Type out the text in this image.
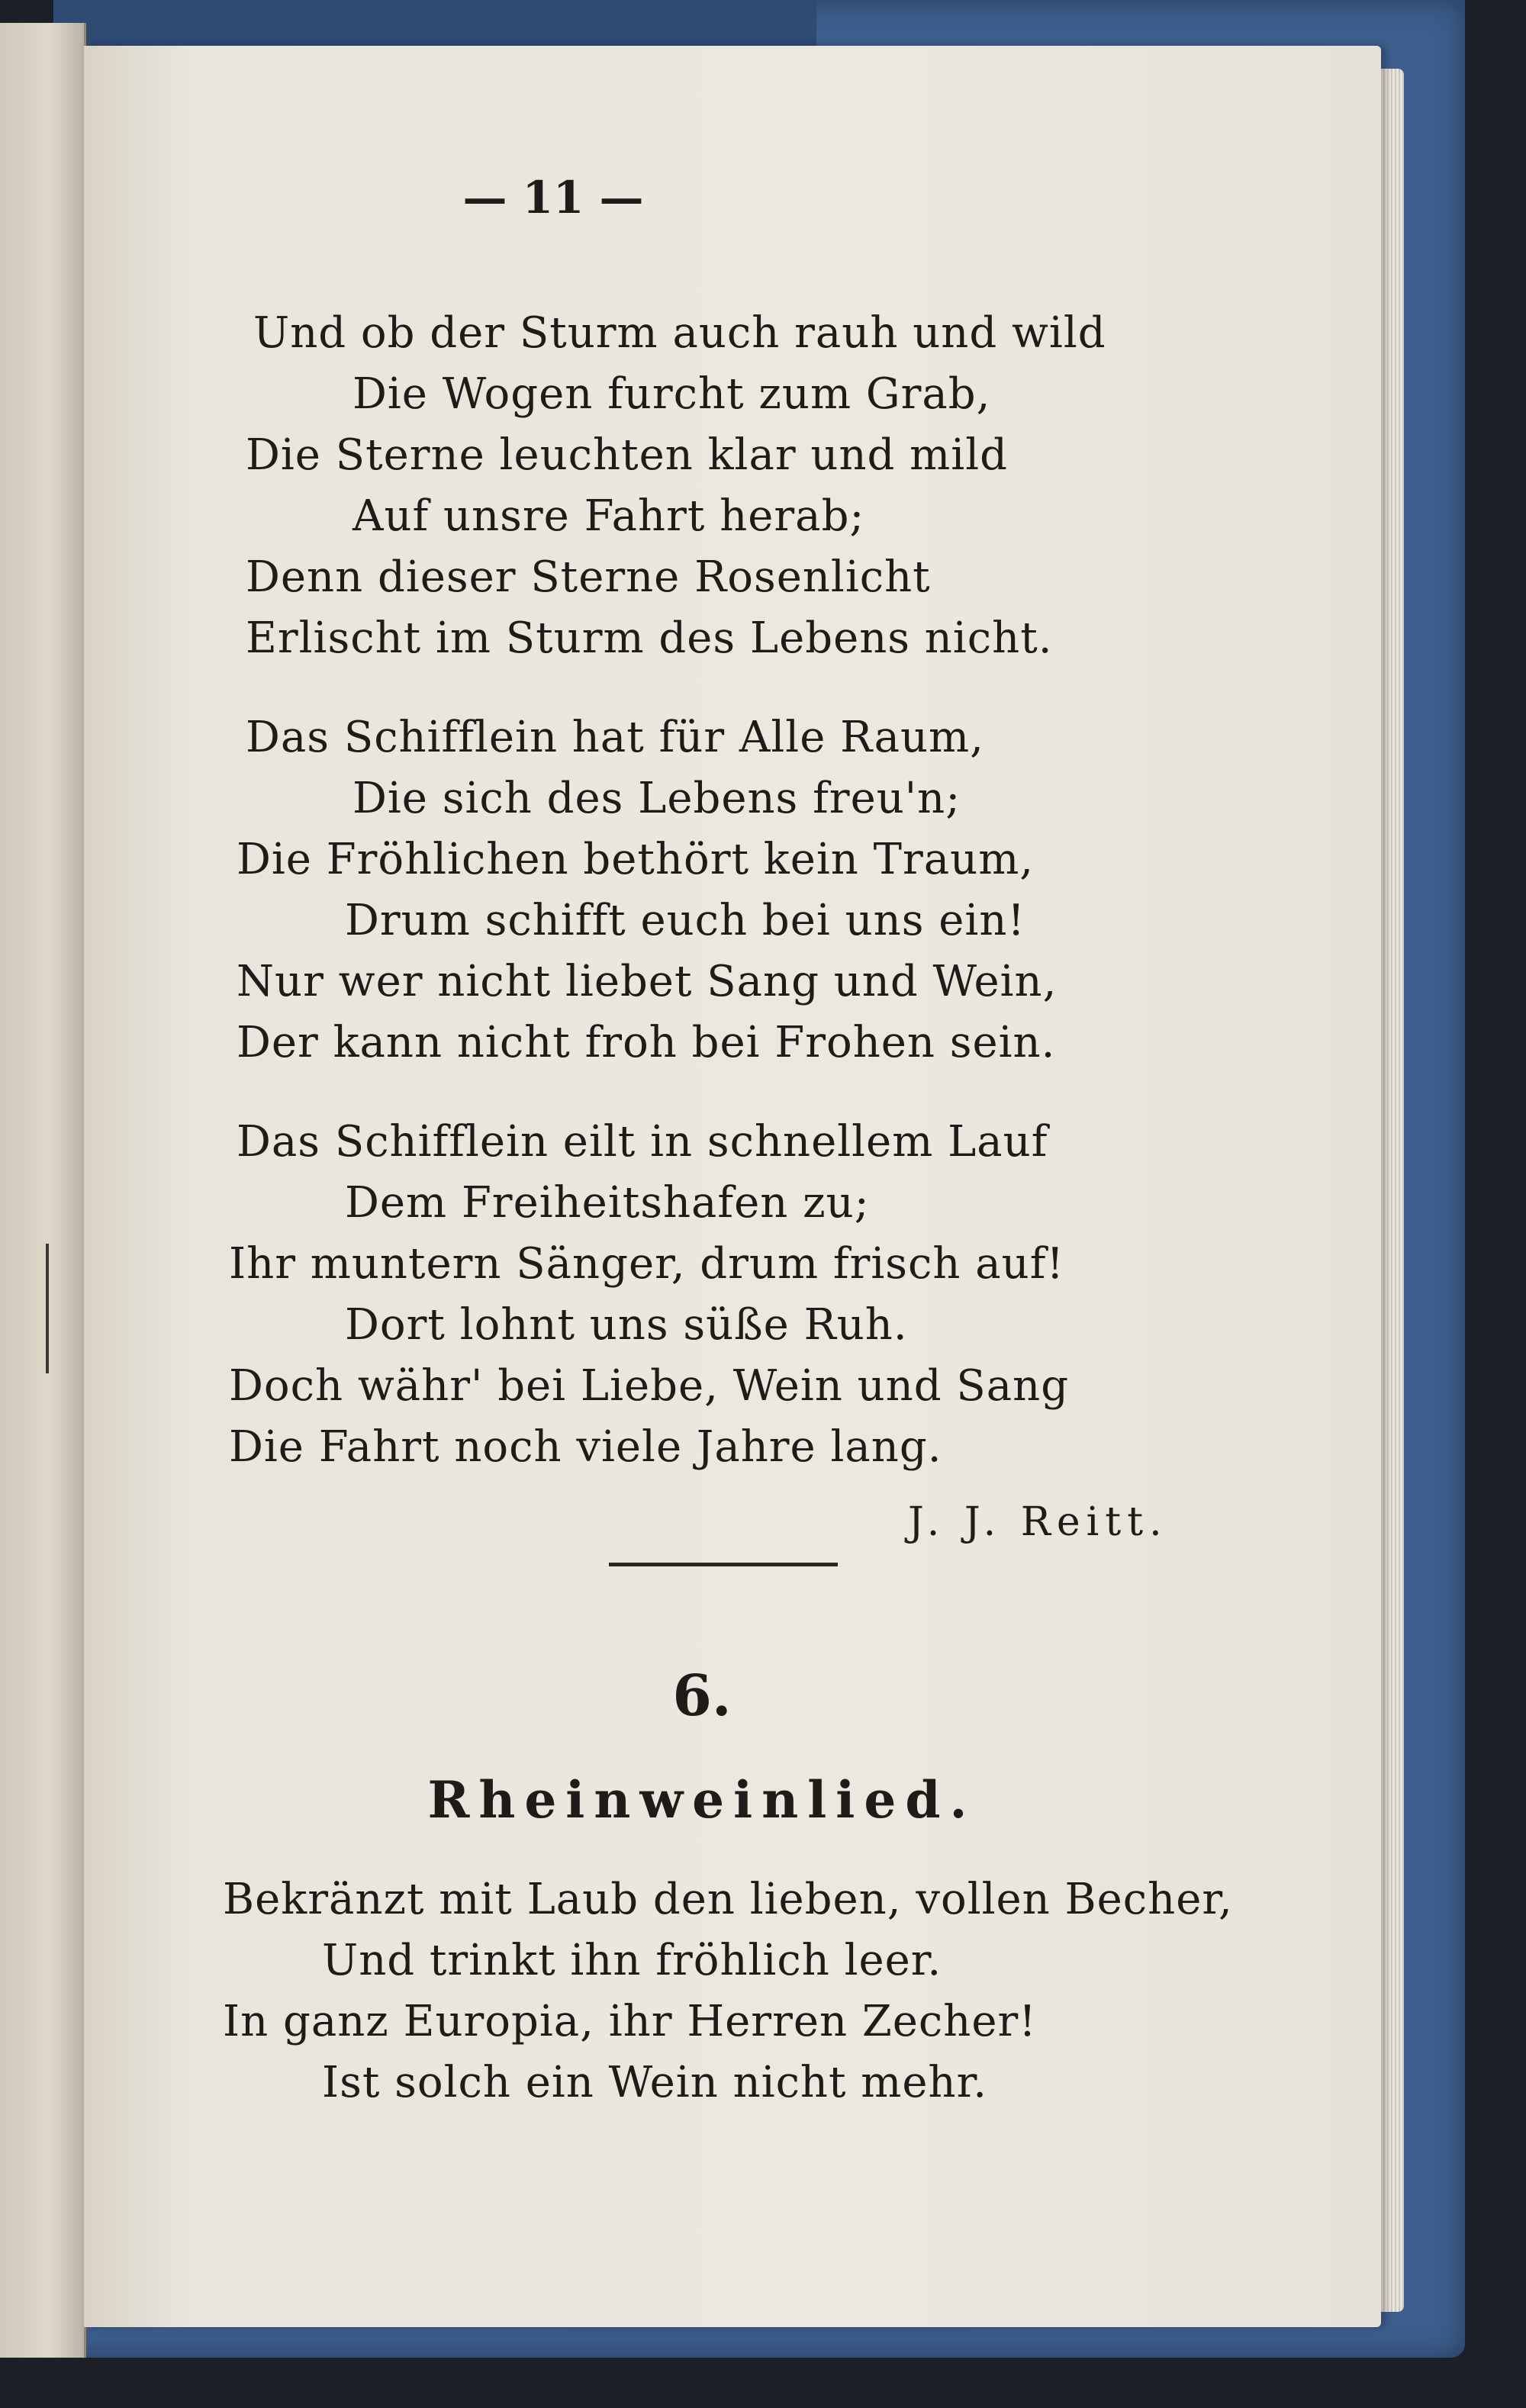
— 11 —
Und ob der Sturm auch rauh und wild
Die Wogen furcht zum Grab,
Die Sterne leuchten klar und mild
Auf unsre Fahrt herab;
Denn dieser Sterne Rosenlicht
Erlischt im Sturm des Lebens nicht.
Das Schifflein hat für Alle Raum,
Die sich des Lebens freu'n;
Die Fröhlichen bethört kein Traum,
Drum schifft euch bei uns ein!
Nur wer nicht liebet Sang und Wein,
Der kann nicht froh bei Frohen sein.
Das Schifflein eilt in schnellem Lauf
Dem Freiheitshafen zu;
Ihr muntern Sänger, drum frisch auf!
Dort lohnt uns süße Ruh.
Doch währ' bei Liebe, Wein und Sang
Die Fahrt noch viele Jahre lang.
J. J. Reitt.
6.
Rheinweinlied.
Bekränzt mit Laub den lieben, vollen Becher,
Und trinkt ihn fröhlich leer.
In ganz Europia, ihr Herren Zecher!
Ist solch ein Wein nicht mehr.
